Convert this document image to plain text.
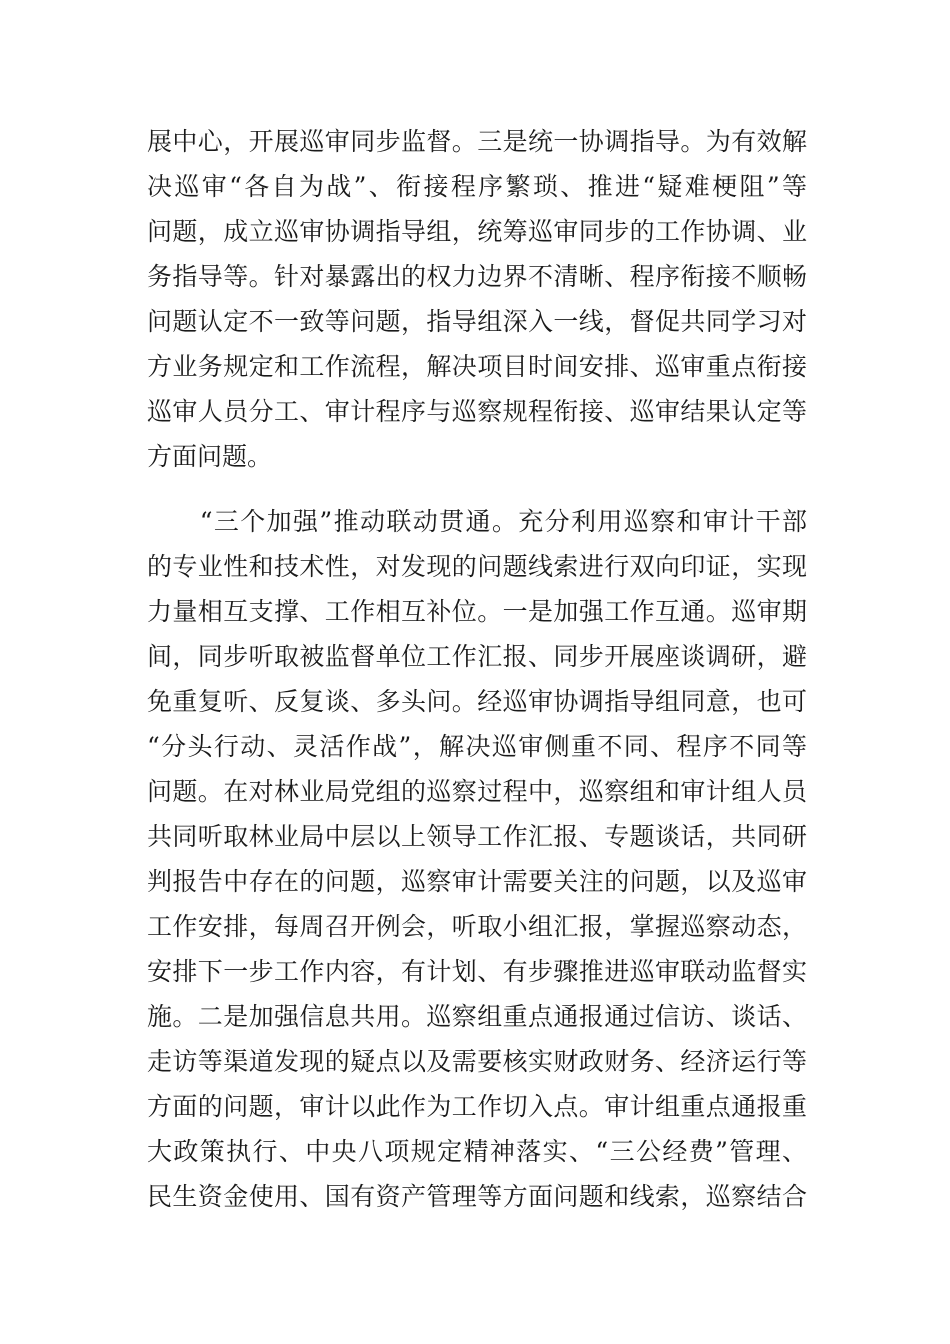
展中心，开展巡审同步监督。三是统一协调指导。为有效解
决巡审“各自为战”、衔接程序繁琐、推进“疑难梗阻”等
问题，成立巡审协调指导组，统筹巡审同步的工作协调、业
务指导等。针对暴露出的权力边界不清晰、程序衔接不顺畅
问题认定不一致等问题，指导组深入一线，督促共同学习对
方业务规定和工作流程，解决项目时间安排、巡审重点衔接
巡审人员分工、审计程序与巡察规程衔接、巡审结果认定等
方面问题。
　　“三个加强”推动联动贯通。充分利用巡察和审计干部
的专业性和技术性，对发现的问题线索进行双向印证，实现
力量相互支撑、工作相互补位。一是加强工作互通。巡审期
间，同步听取被监督单位工作汇报、同步开展座谈调研，避
免重复听、反复谈、多头问。经巡审协调指导组同意，也可
“分头行动、灵活作战”，解决巡审侧重不同、程序不同等
问题。在对林业局党组的巡察过程中，巡察组和审计组人员
共同听取林业局中层以上领导工作汇报、专题谈话，共同研
判报告中存在的问题，巡察审计需要关注的问题，以及巡审
工作安排，每周召开例会，听取小组汇报，掌握巡察动态，
安排下一步工作内容，有计划、有步骤推进巡审联动监督实
施。二是加强信息共用。巡察组重点通报通过信访、谈话、
走访等渠道发现的疑点以及需要核实财政财务、经济运行等
方面的问题，审计以此作为工作切入点。审计组重点通报重
大政策执行、中央八项规定精神落实、“三公经费”管理、
民生资金使用、国有资产管理等方面问题和线索，巡察结合
